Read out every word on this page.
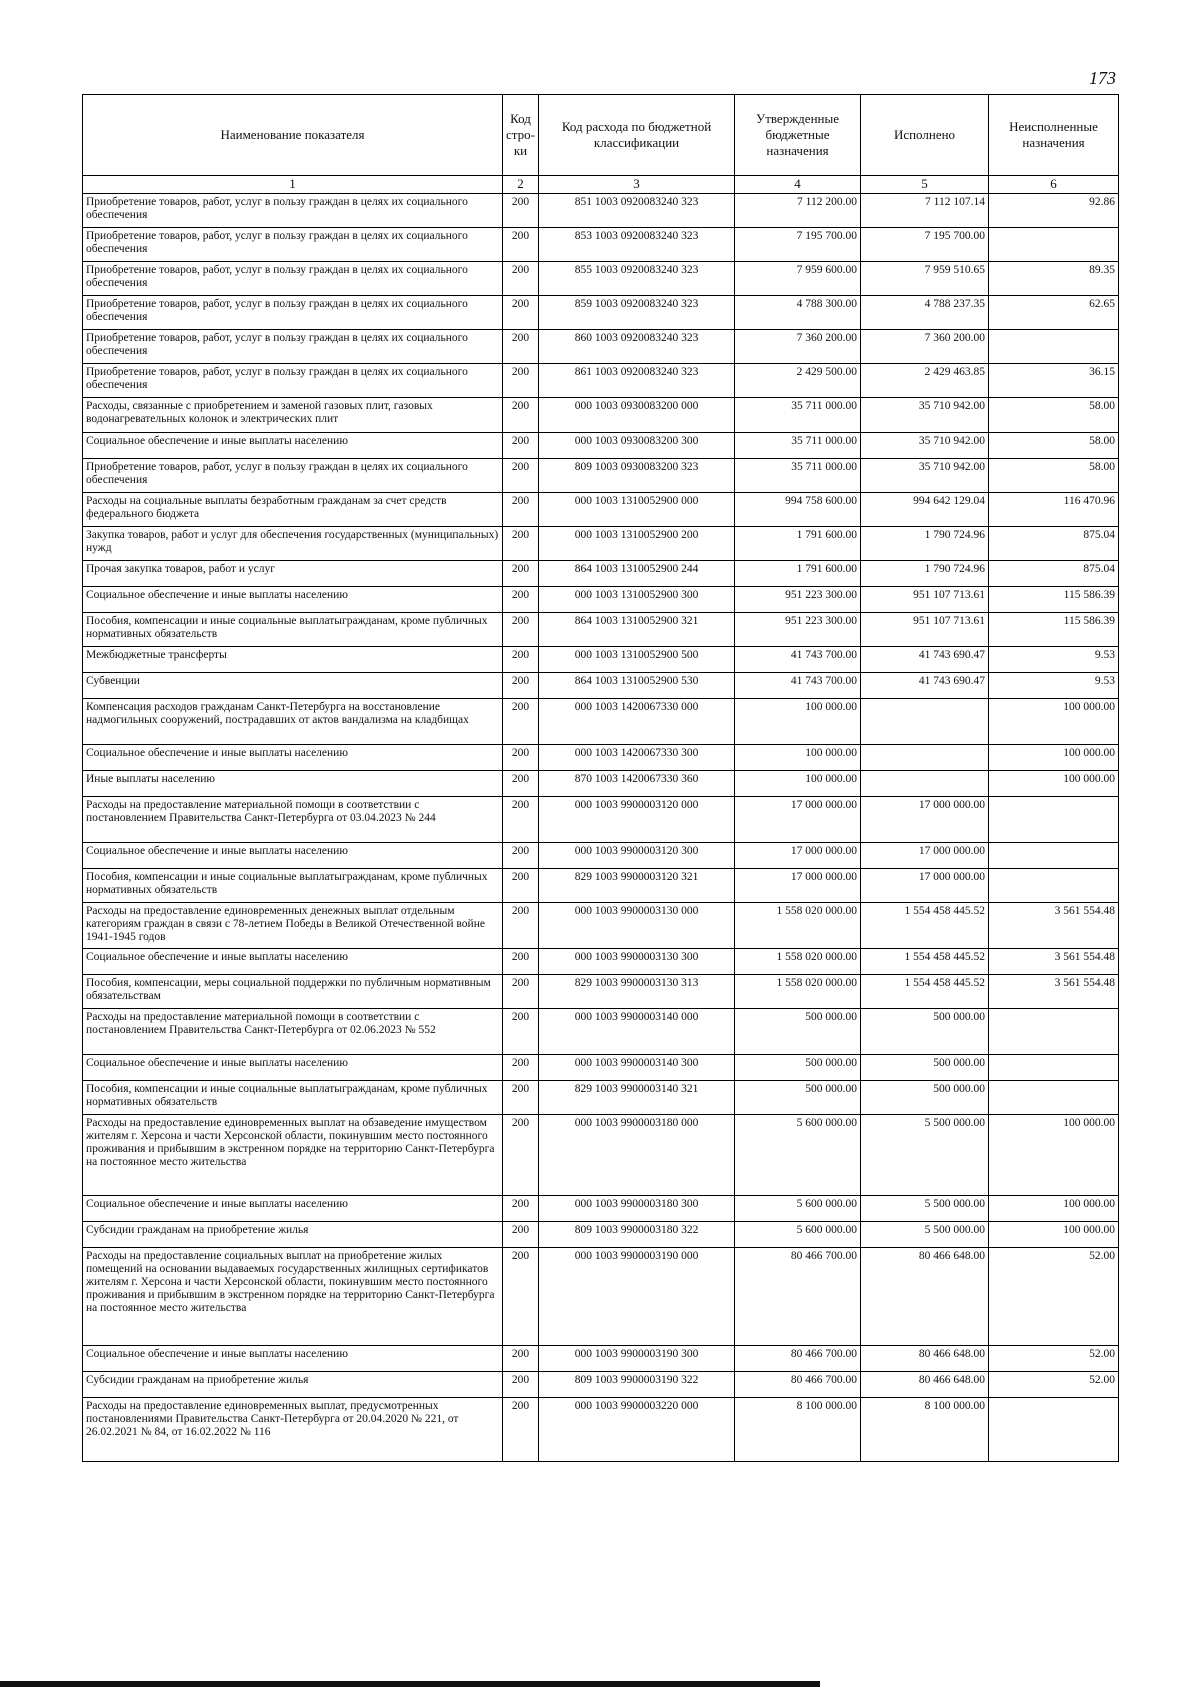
173
Наименование показателя	Код стро- ки	Код расхода по бюджетной классификации	Утвержденные бюджетные назначения	Исполнено	Неисполненные назначения
1	2	3	4	5	6
Приобретение товаров, работ, услуг в пользу граждан в целях их социального обеспечения	200	851 1003 0920083240 323	7 112 200.00	7 112 107.14	92.86
Приобретение товаров, работ, услуг в пользу граждан в целях их социального обеспечения	200	853 1003 0920083240 323	7 195 700.00	7 195 700.00	
Приобретение товаров, работ, услуг в пользу граждан в целях их социального обеспечения	200	855 1003 0920083240 323	7 959 600.00	7 959 510.65	89.35
Приобретение товаров, работ, услуг в пользу граждан в целях их социального обеспечения	200	859 1003 0920083240 323	4 788 300.00	4 788 237.35	62.65
Приобретение товаров, работ, услуг в пользу граждан в целях их социального обеспечения	200	860 1003 0920083240 323	7 360 200.00	7 360 200.00	
Приобретение товаров, работ, услуг в пользу граждан в целях их социального обеспечения	200	861 1003 0920083240 323	2 429 500.00	2 429 463.85	36.15
Расходы, связанные с приобретением и заменой газовых плит, газовых водонагревательных колонок и электрических плит	200	000 1003 0930083200 000	35 711 000.00	35 710 942.00	58.00
Социальное обеспечение и иные выплаты населению	200	000 1003 0930083200 300	35 711 000.00	35 710 942.00	58.00
Приобретение товаров, работ, услуг в пользу граждан в целях их социального обеспечения	200	809 1003 0930083200 323	35 711 000.00	35 710 942.00	58.00
Расходы на социальные выплаты безработным гражданам за счет средств федерального бюджета	200	000 1003 1310052900 000	994 758 600.00	994 642 129.04	116 470.96
Закупка товаров, работ и услуг для обеспечения государственных (муниципальных) нужд	200	000 1003 1310052900 200	1 791 600.00	1 790 724.96	875.04
Прочая закупка товаров, работ и услуг	200	864 1003 1310052900 244	1 791 600.00	1 790 724.96	875.04
Социальное обеспечение и иные выплаты населению	200	000 1003 1310052900 300	951 223 300.00	951 107 713.61	115 586.39
Пособия, компенсации и иные социальные выплатыгражданам, кроме публичных нормативных обязательств	200	864 1003 1310052900 321	951 223 300.00	951 107 713.61	115 586.39
Межбюджетные трансферты	200	000 1003 1310052900 500	41 743 700.00	41 743 690.47	9.53
Субвенции	200	864 1003 1310052900 530	41 743 700.00	41 743 690.47	9.53
Компенсация расходов гражданам Санкт-Петербурга на восстановление надмогильных сооружений, пострадавших от актов вандализма на кладбищах	200	000 1003 1420067330 000	100 000.00		100 000.00
Социальное обеспечение и иные выплаты населению	200	000 1003 1420067330 300	100 000.00		100 000.00
Иные выплаты населению	200	870 1003 1420067330 360	100 000.00		100 000.00
Расходы на предоставление материальной помощи в соответствии с постановлением Правительства Санкт-Петербурга от 03.04.2023 № 244	200	000 1003 9900003120 000	17 000 000.00	17 000 000.00	
Социальное обеспечение и иные выплаты населению	200	000 1003 9900003120 300	17 000 000.00	17 000 000.00	
Пособия, компенсации и иные социальные выплатыгражданам, кроме публичных нормативных обязательств	200	829 1003 9900003120 321	17 000 000.00	17 000 000.00	
Расходы на предоставление единовременных денежных выплат отдельным категориям граждан в связи с 78-летием Победы в Великой Отечественной войне 1941-1945 годов	200	000 1003 9900003130 000	1 558 020 000.00	1 554 458 445.52	3 561 554.48
Социальное обеспечение и иные выплаты населению	200	000 1003 9900003130 300	1 558 020 000.00	1 554 458 445.52	3 561 554.48
Пособия, компенсации, меры социальной поддержки по публичным нормативным обязательствам	200	829 1003 9900003130 313	1 558 020 000.00	1 554 458 445.52	3 561 554.48
Расходы на предоставление материальной помощи в соответствии с постановлением Правительства Санкт-Петербурга от 02.06.2023 № 552	200	000 1003 9900003140 000	500 000.00	500 000.00	
Социальное обеспечение и иные выплаты населению	200	000 1003 9900003140 300	500 000.00	500 000.00	
Пособия, компенсации и иные социальные выплатыгражданам, кроме публичных нормативных обязательств	200	829 1003 9900003140 321	500 000.00	500 000.00	
Расходы на предоставление единовременных выплат на обзаведение имуществом жителям г. Херсона и части Херсонской области, покинувшим место постоянного проживания и прибывшим в экстренном порядке на территорию Санкт-Петербурга на постоянное место жительства	200	000 1003 9900003180 000	5 600 000.00	5 500 000.00	100 000.00
Социальное обеспечение и иные выплаты населению	200	000 1003 9900003180 300	5 600 000.00	5 500 000.00	100 000.00
Субсидии гражданам на приобретение жилья	200	809 1003 9900003180 322	5 600 000.00	5 500 000.00	100 000.00
Расходы на предоставление социальных выплат на приобретение жилых помещений на основании выдаваемых государственных жилищных сертификатов жителям г. Херсона и части Херсонской области, покинувшим место постоянного проживания и прибывшим в экстренном порядке на территорию Санкт-Петербурга на постоянное место жительства	200	000 1003 9900003190 000	80 466 700.00	80 466 648.00	52.00
Социальное обеспечение и иные выплаты населению	200	000 1003 9900003190 300	80 466 700.00	80 466 648.00	52.00
Субсидии гражданам на приобретение жилья	200	809 1003 9900003190 322	80 466 700.00	80 466 648.00	52.00
Расходы на предоставление единовременных выплат, предусмотренных постановлениями Правительства Санкт-Петербурга от 20.04.2020 № 221, от 26.02.2021 № 84, от 16.02.2022 № 116	200	000 1003 9900003220 000	8 100 000.00	8 100 000.00	
